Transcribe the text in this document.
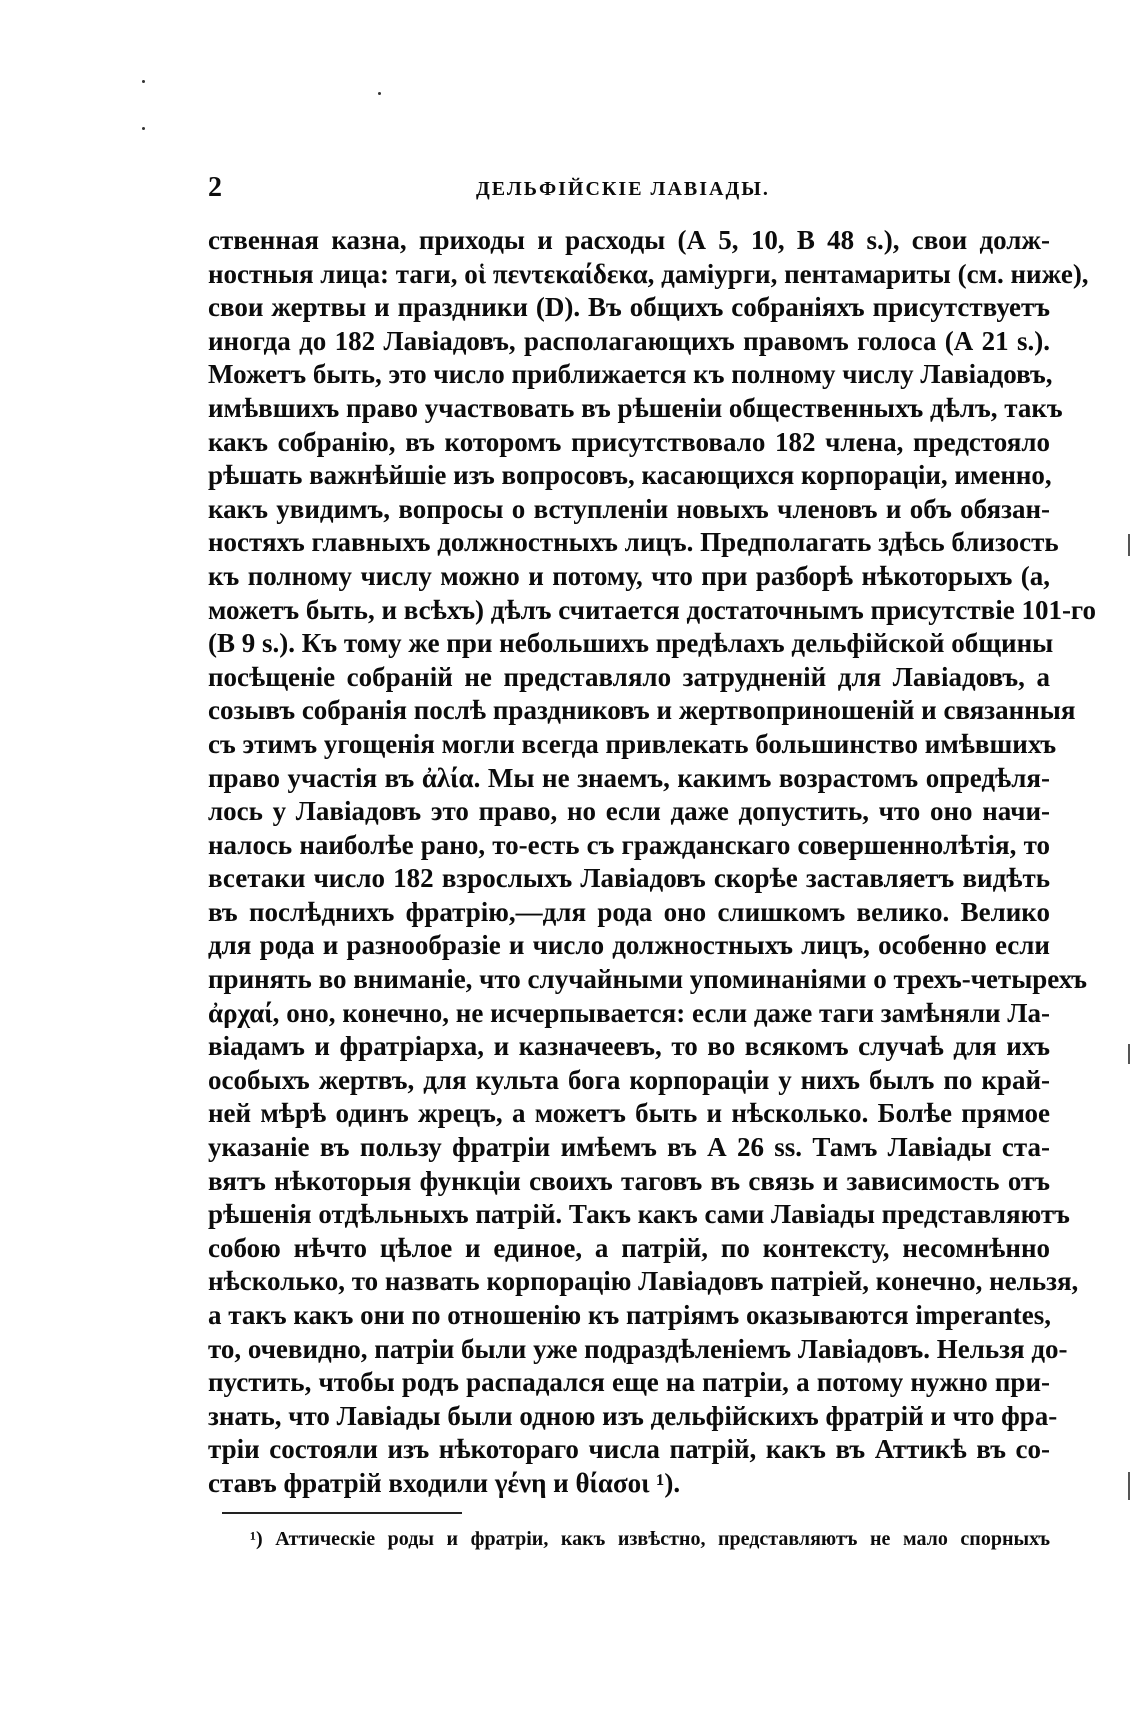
2	ДЕЛЬФІЙСКІЕ ЛАВІАДЫ.
ственная казна, приходы и расходы (А 5, 10, В 48 s.), свои долж-
ностныя лица: таги, οἱ πεντεκαίδεκα, даміурги, пентамариты (см. ниже),
свои жертвы и праздники (D). Въ общихъ собраніяхъ присутствуетъ
иногда до 182 Лавіадовъ, располагающихъ правомъ голоса (А 21 s.).
Можетъ быть, это число приближается къ полному числу Лавіадовъ,
имѣвшихъ право участвовать въ рѣшеніи общественныхъ дѣлъ, такъ
какъ собранію, въ которомъ присутствовало 182 члена, предстояло
рѣшать важнѣйшіе изъ вопросовъ, касающихся корпораціи, именно,
какъ увидимъ, вопросы о вступленіи новыхъ членовъ и объ обязан-
ностяхъ главныхъ должностныхъ лицъ. Предполагать здѣсь близость
къ полному числу можно и потому, что при разборѣ нѣкоторыхъ (а,
можетъ быть, и всѣхъ) дѣлъ считается достаточнымъ присутствіе 101-го
(В 9 s.). Къ тому же при небольшихъ предѣлахъ дельфійской общины
посѣщеніе собраній не представляло затрудненій для Лавіадовъ, а
созывъ собранія послѣ праздниковъ и жертвоприношеній и связанныя
съ этимъ угощенія могли всегда привлекать большинство имѣвшихъ
право участія въ ἀλία. Мы не знаемъ, какимъ возрастомъ опредѣля-
лось у Лавіадовъ это право, но если даже допустить, что оно начи-
налось наиболѣе рано, то-есть съ гражданскаго совершеннолѣтія, то
всетаки число 182 взрослыхъ Лавіадовъ скорѣе заставляетъ видѣть
въ послѣднихъ фратрію,—для рода оно слишкомъ велико. Велико
для рода и разнообразіе и число должностныхъ лицъ, особенно если
принять во вниманіе, что случайными упоминаніями о трехъ-четырехъ
ἀρχαί, оно, конечно, не исчерпывается: если даже таги замѣняли Ла-
віадамъ и фратріарха, и казначеевъ, то во всякомъ случаѣ для ихъ
особыхъ жертвъ, для культа бога корпораціи у нихъ былъ по край-
ней мѣрѣ одинъ жрецъ, а можетъ быть и нѣсколько. Болѣе прямое
указаніе въ пользу фратріи имѣемъ въ А 26 ss. Тамъ Лавіады ста-
вятъ нѣкоторыя функціи своихъ таговъ въ связь и зависимость отъ
рѣшенія отдѣльныхъ патрій. Такъ какъ сами Лавіады представляютъ
собою нѣчто цѣлое и единое, а патрій, по контексту, несомнѣнно
нѣсколько, то назвать корпорацію Лавіадовъ патріей, конечно, нельзя,
а такъ какъ они по отношенію къ патріямъ оказываются imperantes,
то, очевидно, патріи были уже подраздѣленіемъ Лавіадовъ. Нельзя до-
пустить, чтобы родъ распадался еще на патріи, а потому нужно при-
знать, что Лавіады были одною изъ дельфійскихъ фратрій и что фра-
тріи состояли изъ нѣкотораго числа патрій, какъ въ Аттикѣ въ со-
ставъ фратрій входили γένη и θίασοι ¹).
¹) Аттическіе роды и фратріи, какъ извѣстно, представляютъ не мало спорныхъ
